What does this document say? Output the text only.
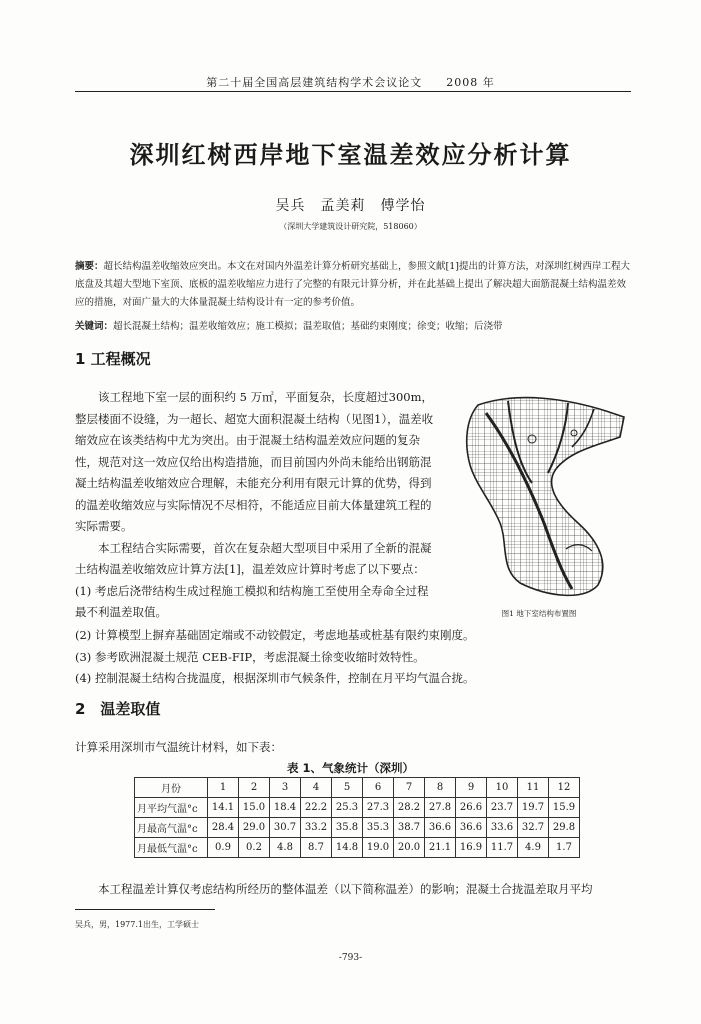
第二十届全国高层建筑结构学术会议论文　　2008 年
深圳红树西岸地下室温差效应分析计算
吴兵　孟美莉　傅学怡
（深圳大学建筑设计研究院，518060）
摘要：超长结构温差收缩效应突出。本文在对国内外温差计算分析研究基础上，参照文献[1]提出的计算方法，对深圳红树西岸工程大底盘及其超大型地下室顶、底板的温差收缩应力进行了完整的有限元计算分析，并在此基础上提出了解决超大面筋混凝土结构温差效应的措施，对面广量大的大体量混凝土结构设计有一定的参考价值。
关键词：超长混凝土结构；温差收缩效应；施工模拟；温差取值；基础约束刚度；徐变；收缩；后浇带
1 工程概况

该工程地下室一层的面积约 5 万㎡，平面复杂，长度超过300m，整层楼面不设缝，为一超长、超宽大面积混凝土结构（见图1），温差收缩效应在该类结构中尤为突出。由于混凝土结构温差效应问题的复杂性，规范对这一效应仅给出构造措施，而目前国内外尚未能给出钢筋混凝土结构温差收缩效应合理解，未能充分利用有限元计算的优势，得到的温差收缩效应与实际情况不尽相符，不能适应目前大体量建筑工程的实际需要。

本工程结合实际需要，首次在复杂超大型项目中采用了全新的混凝土结构温差收缩效应计算方法[1]，温差效应计算时考虑了以下要点：

(1) 考虑后浇带结构生成过程施工模拟和结构施工至使用全寿命全过程最不利温差取值。	图1 地下室结构布置图

(2) 计算模型上摒弃基础固定端或不动铰假定，考虑地基或桩基有限约束刚度。

(3) 参考欧洲混凝土规范 CEB-FIP，考虑混凝土徐变收缩时效特性。

(4) 控制混凝土结构合拢温度，根据深圳市气候条件，控制在月平均气温合拢。

2　温差取值
计算采用深圳市气温统计材料，如下表：
表 1、气象统计（深圳）
月份	1	2	3	4	5	6	7	8	9	10	11	12
月平均气温°c	14.1	15.0	18.4	22.2	25.3	27.3	28.2	27.8	26.6	23.7	19.7	15.9
月最高气温°c	28.4	29.0	30.7	33.2	35.8	35.3	38.7	36.6	36.6	33.6	32.7	29.8
月最低气温°c	0.9	0.2	4.8	8.7	14.8	19.0	20.0	21.1	16.9	11.7	4.9	1.7
本工程温差计算仅考虑结构所经历的整体温差（以下简称温差）的影响；混凝土合拢温差取月平均
吴兵，男，1977.1出生，工学硕士
-793-
